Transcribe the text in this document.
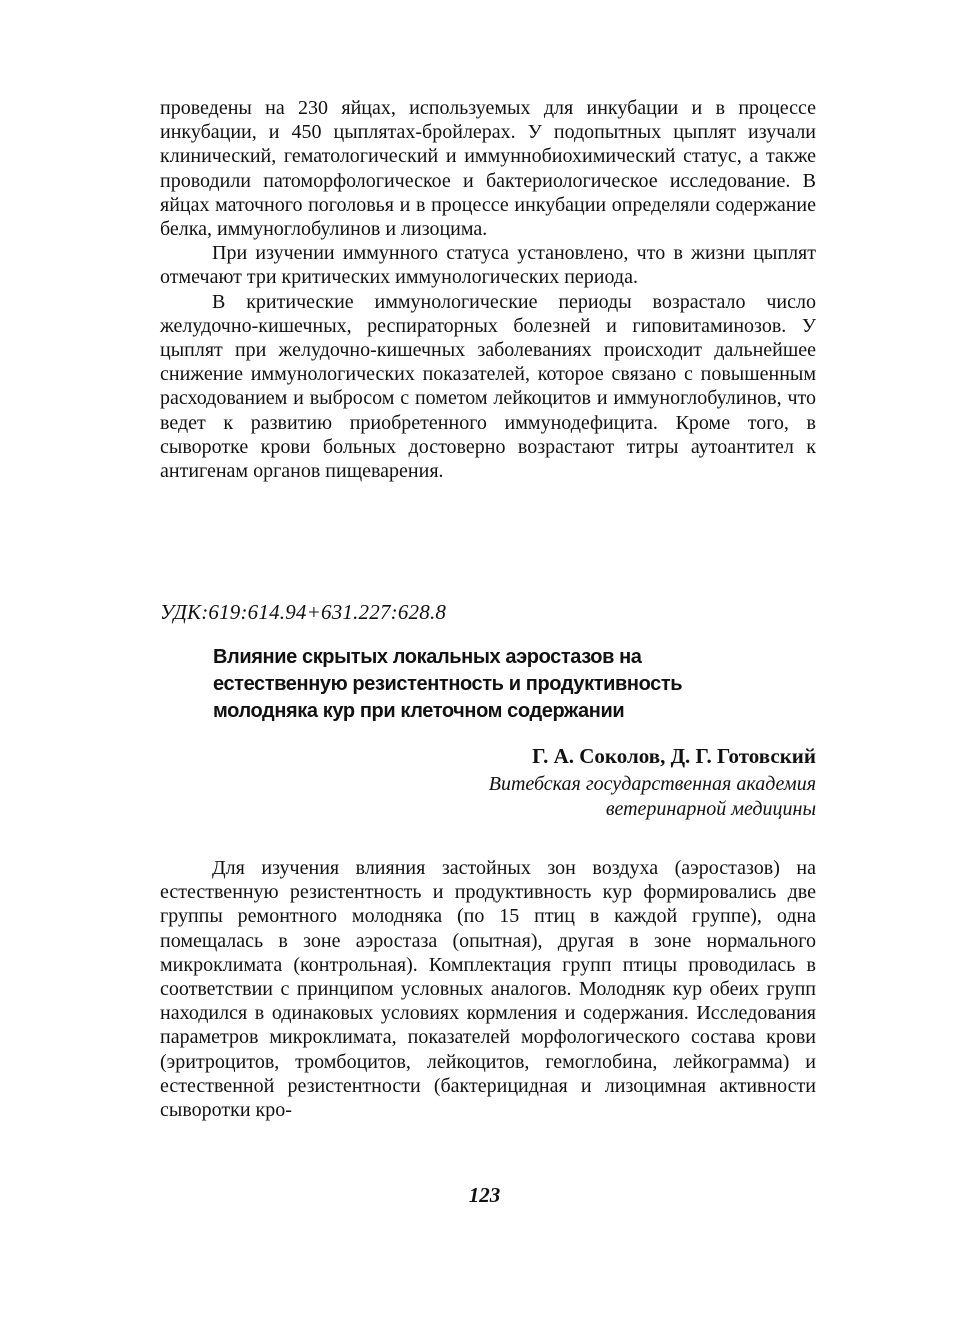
проведены на 230 яйцах, используемых для инкубации и в процессе инкубации, и 450 цыплятах-бройлерах. У подопытных цыплят изучали клинический, гематологический и иммуннобиохимический статус, а также проводили патоморфологическое и бактериологическое исследование. В яйцах маточного поголовья и в процессе инкубации определяли содержание белка, иммуноглобулинов и лизоцима.

При изучении иммунного статуса установлено, что в жизни цыплят отмечают три критических иммунологических периода.

В критические иммунологические периоды возрастало число желудочно-кишечных, респираторных болезней и гиповитаминозов. У цыплят при желудочно-кишечных заболеваниях происходит дальнейшее снижение иммунологических показателей, которое связано с повышенным расходованием и выбросом с пометом лейкоцитов и иммуноглобулинов, что ведет к развитию приобретенного иммунодефицита. Кроме того, в сыворотке крови больных достоверно возрастают титры аутоантител к антигенам органов пищеварения.

УДК:619:614.94+631.227:628.8

Влияние скрытых локальных аэростазов на естественную резистентность и продуктивность молодняка кур при клеточном содержании

Г. А. Соколов, Д. Г. Готовский

Витебская государственная академия ветеринарной медицины

Для изучения влияния застойных зон воздуха (аэростазов) на естественную резистентность и продуктивность кур формировались две группы ремонтного молодняка (по 15 птиц в каждой группе), одна помещалась в зоне аэростаза (опытная), другая в зоне нормального микроклимата (контрольная). Комплектация групп птицы проводилась в соответствии с принципом условных аналогов. Молодняк кур обеих групп находился в одинаковых условиях кормления и содержания. Исследования параметров микроклимата, показателей морфологического состава крови (эритроцитов, тромбоцитов, лейкоцитов, гемоглобина, лейкограмма) и естественной резистентности (бактерицидная и лизоцимная активности сыворотки кро-

123
